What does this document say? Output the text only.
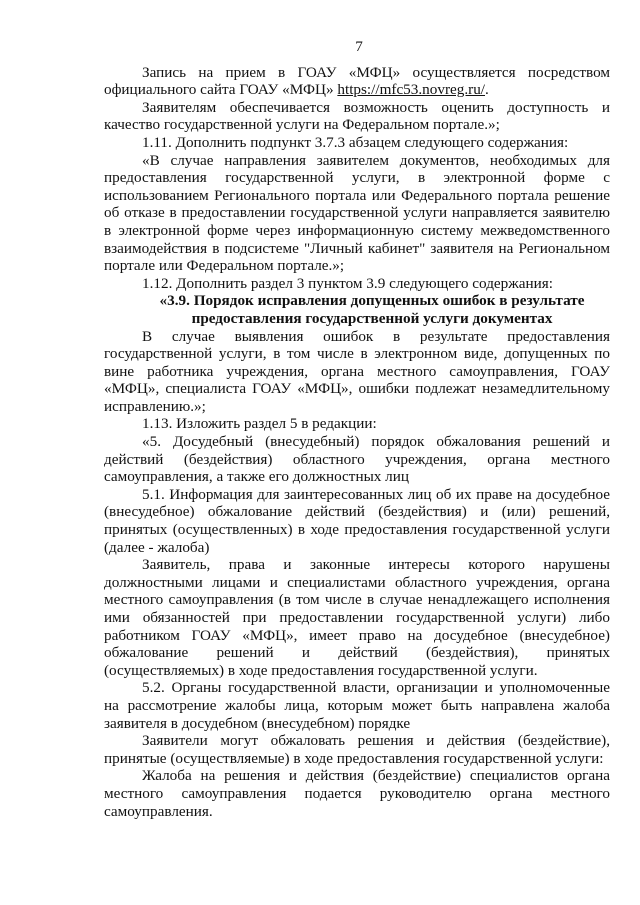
7

Запись на прием в ГОАУ «МФЦ» осуществляется посредством официального сайта ГОАУ «МФЦ» https://mfc53.novreg.ru/.

Заявителям обеспечивается возможность оценить доступность и качество государственной услуги на Федеральном портале.»;

1.11. Дополнить подпункт 3.7.3 абзацем следующего содержания:

«В случае направления заявителем документов, необходимых для предоставления государственной услуги, в электронной форме с использованием Регионального портала или Федерального портала решение об отказе в предоставлении государственной услуги направляется заявителю в электронной форме через информационную систему межведомственного взаимодействия в подсистеме "Личный кабинет" заявителя на Региональном портале или Федеральном портале.»;

1.12. Дополнить раздел 3 пунктом 3.9 следующего содержания:

«3.9. Порядок исправления допущенных ошибок в результате предоставления государственной услуги документах

В случае выявления ошибок в результате предоставления государственной услуги, в том числе в электронном виде, допущенных по вине работника учреждения, органа местного самоуправления, ГОАУ «МФЦ», специалиста ГОАУ «МФЦ», ошибки подлежат незамедлительному исправлению.»;

1.13. Изложить раздел 5 в редакции:

«5. Досудебный (внесудебный) порядок обжалования решений и действий (бездействия) областного учреждения, органа местного самоуправления, а также его должностных лиц

5.1. Информация для заинтересованных лиц об их праве на досудебное (внесудебное) обжалование действий (бездействия) и (или) решений, принятых (осуществленных) в ходе предоставления государственной услуги (далее - жалоба)

Заявитель, права и законные интересы которого нарушены должностными лицами и специалистами областного учреждения, органа местного самоуправления (в том числе в случае ненадлежащего исполнения ими обязанностей при предоставлении государственной услуги) либо работником ГОАУ «МФЦ», имеет право на досудебное (внесудебное) обжалование решений и действий (бездействия), принятых (осуществляемых) в ходе предоставления государственной услуги.

5.2. Органы государственной власти, организации и уполномоченные на рассмотрение жалобы лица, которым может быть направлена жалоба заявителя в досудебном (внесудебном) порядке

Заявители могут обжаловать решения и действия (бездействие), принятые (осуществляемые) в ходе предоставления государственной услуги:

Жалоба на решения и действия (бездействие) специалистов органа местного самоуправления подается руководителю органа местного самоуправления.
